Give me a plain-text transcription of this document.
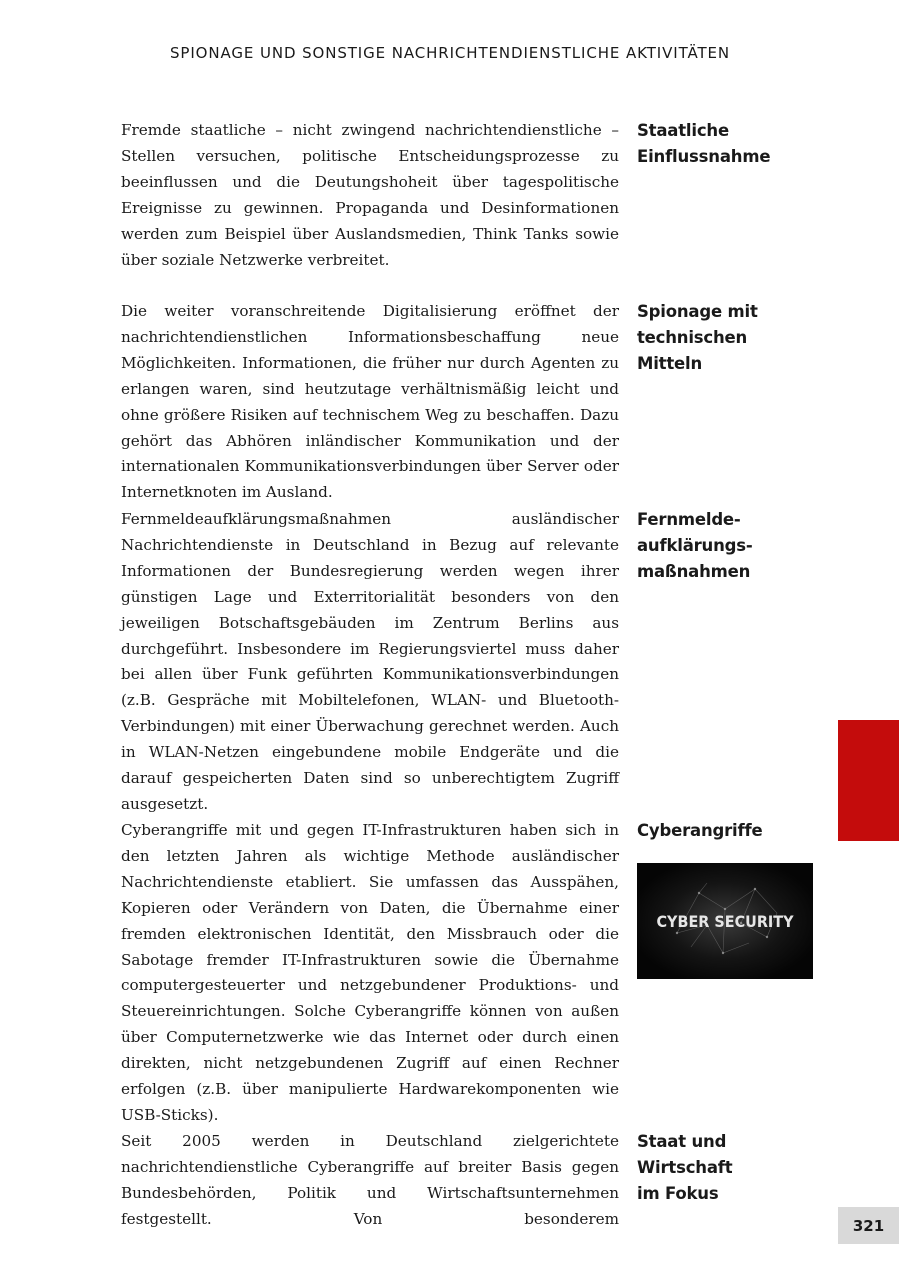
SPIONAGE UND SONSTIGE NACHRICHTENDIENSTLICHE AKTIVITÄTEN

Fremde staatliche – nicht zwingend nachrichtendienstliche – Stellen versuchen, politische Entscheidungsprozesse zu beeinflussen und die Deutungshoheit über tagespolitische Ereignisse zu gewinnen. Propaganda und Desinformationen werden zum Beispiel über Auslandsmedien, Think Tanks sowie über soziale Netzwerke verbreitet.

Staatliche Einflussnahme

Die weiter voranschreitende Digitalisierung eröffnet der nachrichtendienstlichen Informationsbeschaffung neue Möglichkeiten. Informationen, die früher nur durch Agenten zu erlangen waren, sind heutzutage verhältnismäßig leicht und ohne größere Risiken auf technischem Weg zu beschaffen. Dazu gehört das Abhören inländischer Kommunikation und der internationalen Kommunikationsverbindungen über Server oder Internetknoten im Ausland.

Spionage mit technischen Mitteln

Fernmeldeaufklärungsmaßnahmen ausländischer Nachrichtendienste in Deutschland in Bezug auf relevante Informationen der Bundesregierung werden wegen ihrer günstigen Lage und Exterritorialität besonders von den jeweiligen Botschaftsgebäuden im Zentrum Berlins aus durchgeführt. Insbesondere im Regierungsviertel muss daher bei allen über Funk geführten Kommunikationsverbindungen (z.B. Gespräche mit Mobiltelefonen, WLAN- und Bluetooth-Verbindungen) mit einer Überwachung gerechnet werden. Auch in WLAN-Netzen eingebundene mobile Endgeräte und die darauf gespeicherten Daten sind so unberechtigtem Zugriff ausgesetzt.

Fernmeldeaufklärungsmaßnahmen

Cyberangriffe mit und gegen IT-Infrastrukturen haben sich in den letzten Jahren als wichtige Methode ausländischer Nachrichtendienste etabliert. Sie umfassen das Ausspähen, Kopieren oder Verändern von Daten, die Übernahme einer fremden elektronischen Identität, den Missbrauch oder die Sabotage fremder IT-Infrastrukturen sowie die Übernahme computergesteuerter und netzgebundener Produktions- und Steuereinrichtungen. Solche Cyberangriffe können von außen über Computernetzwerke wie das Internet oder durch einen direkten, nicht netzgebundenen Zugriff auf einen Rechner erfolgen (z.B. über manipulierte Hardwarekomponenten wie USB-Sticks).

Cyberangriffe
CYBER SECURITY

Seit 2005 werden in Deutschland zielgerichtete nachrichtendienstliche Cyberangriffe auf breiter Basis gegen Bundesbehörden, Politik und Wirtschaftsunternehmen festgestellt. Von besonderem

Staat und Wirtschaft im Fokus
321
